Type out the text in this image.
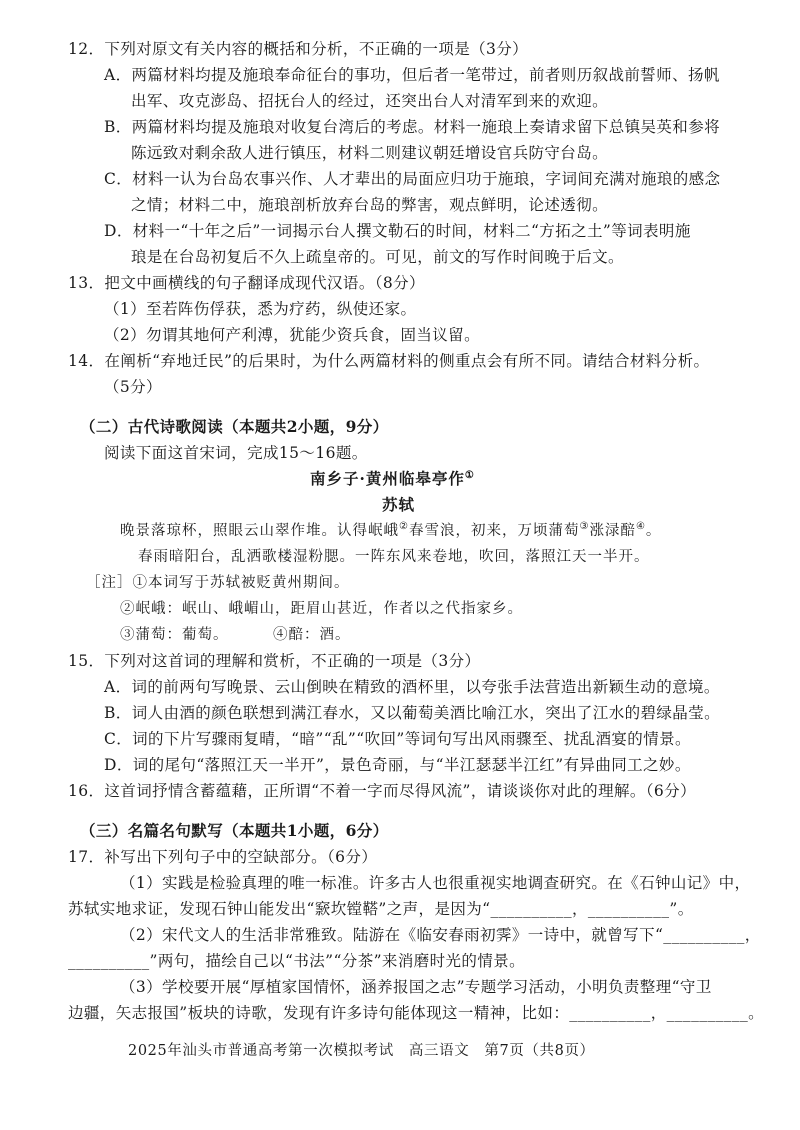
12．下列对原文有关内容的概括和分析，不正确的一项是（3分）
A．两篇材料均提及施琅奉命征台的事功，但后者一笔带过，前者则历叙战前誓师、扬帆
出军、攻克澎岛、招抚台人的经过，还突出台人对清军到来的欢迎。
B．两篇材料均提及施琅对收复台湾后的考虑。材料一施琅上奏请求留下总镇吴英和参将
陈远致对剩余敌人进行镇压，材料二则建议朝廷增设官兵防守台岛。
C．材料一认为台岛农事兴作、人才辈出的局面应归功于施琅，字词间充满对施琅的感念
之情；材料二中，施琅剖析放弃台岛的弊害，观点鲜明，论述透彻。
D．材料一“十年之后”一词揭示台人撰文勒石的时间，材料二“方拓之土”等词表明施
琅是在台岛初复后不久上疏皇帝的。可见，前文的写作时间晚于后文。
13．把文中画横线的句子翻译成现代汉语。（8分）
（1）至若阵伤俘获，悉为疗药，纵使还家。
（2）勿谓其地何产利溥，犹能少资兵食，固当议留。
14．在阐析“弃地迁民”的后果时，为什么两篇材料的侧重点会有所不同。请结合材料分析。
（5分）
（二）古代诗歌阅读（本题共2小题，9分）
阅读下面这首宋词，完成15～16题。
南乡子·黄州临皋亭作①
苏轼
晚景落琼杯，照眼云山翠作堆。认得岷峨②春雪浪，初来，万顷蒲萄③涨渌醅④。
春雨暗阳台，乱洒歌楼湿粉腮。一阵东风来卷地，吹回，落照江天一半开。
［注］①本词写于苏轼被贬黄州期间。
②岷峨：岷山、峨嵋山，距眉山甚近，作者以之代指家乡。
③蒲萄：葡萄。	④醅：酒。
15．下列对这首词的理解和赏析，不正确的一项是（3分）
A．词的前两句写晚景、云山倒映在精致的酒杯里，以夸张手法营造出新颖生动的意境。
B．词人由酒的颜色联想到满江春水，又以葡萄美酒比喻江水，突出了江水的碧绿晶莹。
C．词的下片写骤雨复晴，“暗”“乱”“吹回”等词句写出风雨骤至、扰乱酒宴的情景。
D．词的尾句“落照江天一半开”，景色奇丽，与“半江瑟瑟半江红”有异曲同工之妙。
16．这首词抒情含蓄蕴藉，正所谓“不着一字而尽得风流”，请谈谈你对此的理解。（6分）
（三）名篇名句默写（本题共1小题，6分）
17．补写出下列句子中的空缺部分。（6分）
（1）实践是检验真理的唯一标准。许多古人也很重视实地调查研究。在《石钟山记》中，
苏轼实地求证，发现石钟山能发出“窾坎镗鞳”之声，是因为“__________，__________”。
（2）宋代文人的生活非常雅致。陆游在《临安春雨初霁》一诗中，就曾写下“__________，
__________”两句，描绘自己以“书法”“分茶”来消磨时光的情景。
（3）学校要开展“厚植家国情怀，涵养报国之志”专题学习活动，小明负责整理“守卫
边疆，矢志报国”板块的诗歌，发现有许多诗句能体现这一精神，比如：__________，__________。
2025年汕头市普通高考第一次模拟考试　高三语文　第7页（共8页）
